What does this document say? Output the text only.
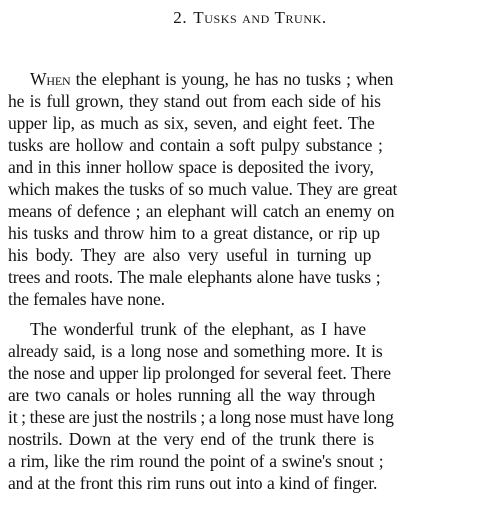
2. Tusks and Trunk.
When the elephant is young, he has no tusks ; when
he is full grown, they stand out from each side of his
upper lip, as much as six, seven, and eight feet. The
tusks are hollow and contain a soft pulpy substance ;
and in this inner hollow space is deposited the ivory,
which makes the tusks of so much value. They are great
means of defence ; an elephant will catch an enemy on
his tusks and throw him to a great distance, or rip up
his body. They are also very useful in turning up
trees and roots. The male elephants alone have tusks ;
the females have none.
The wonderful trunk of the elephant, as I have
already said, is a long nose and something more. It is
the nose and upper lip prolonged for several feet. There
are two canals or holes running all the way through
it ; these are just the nostrils ; a long nose must have long
nostrils. Down at the very end of the trunk there is
a rim, like the rim round the point of a swine's snout ;
and at the front this rim runs out into a kind of finger.
